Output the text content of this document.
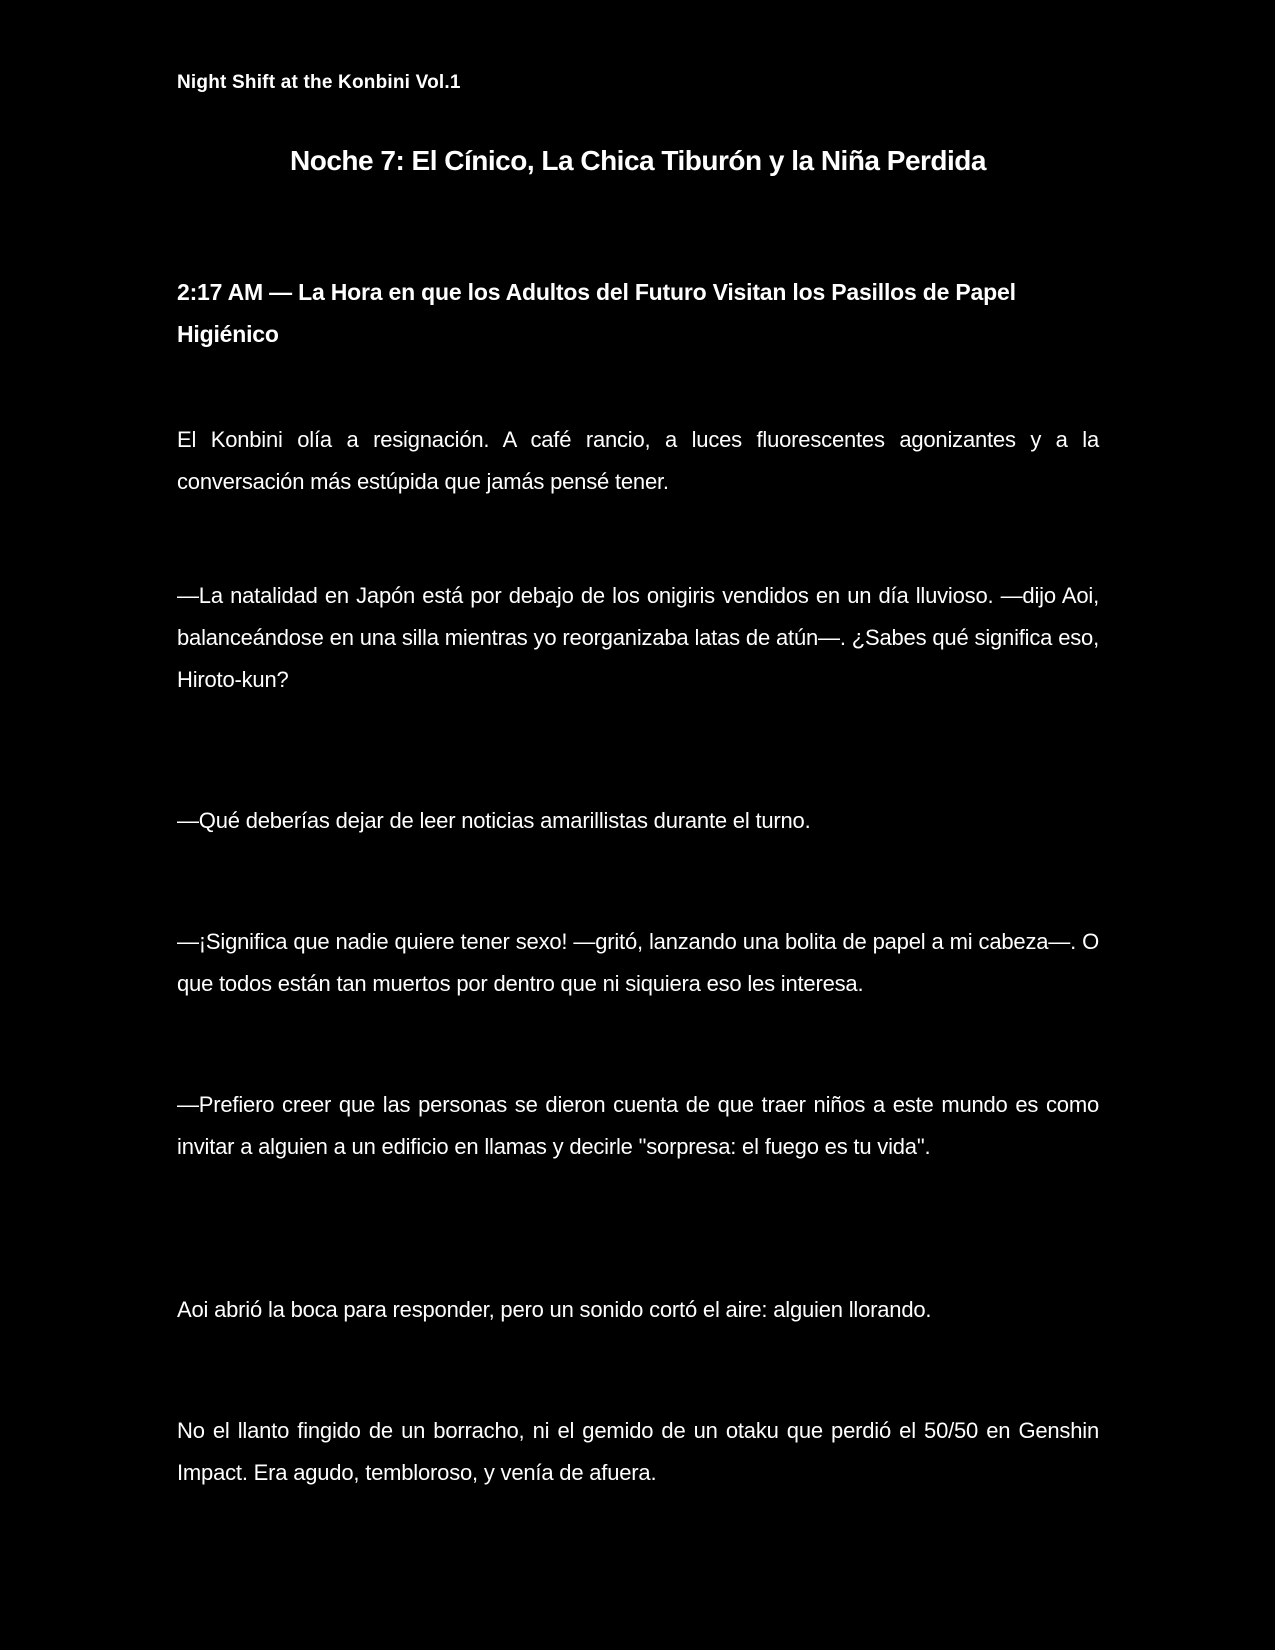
Night Shift at the Konbini Vol.1
Noche 7: El Cínico, La Chica Tiburón y la Niña Perdida
2:17 AM — La Hora en que los Adultos del Futuro Visitan los Pasillos de Papel Higiénico

El Konbini olía a resignación. A café rancio, a luces fluorescentes agonizantes y a la conversación más estúpida que jamás pensé tener.

—La natalidad en Japón está por debajo de los onigiris vendidos en un día lluvioso. —dijo Aoi, balanceándose en una silla mientras yo reorganizaba latas de atún—. ¿Sabes qué significa eso, Hiroto-kun?

—Qué deberías dejar de leer noticias amarillistas durante el turno.

—¡Significa que nadie quiere tener sexo! —gritó, lanzando una bolita de papel a mi cabeza—. O que todos están tan muertos por dentro que ni siquiera eso les interesa.

—Prefiero creer que las personas se dieron cuenta de que traer niños a este mundo es como invitar a alguien a un edificio en llamas y decirle "sorpresa: el fuego es tu vida".

Aoi abrió la boca para responder, pero un sonido cortó el aire: alguien llorando.

No el llanto fingido de un borracho, ni el gemido de un otaku que perdió el 50/50 en Genshin Impact. Era agudo, tembloroso, y venía de afuera.
